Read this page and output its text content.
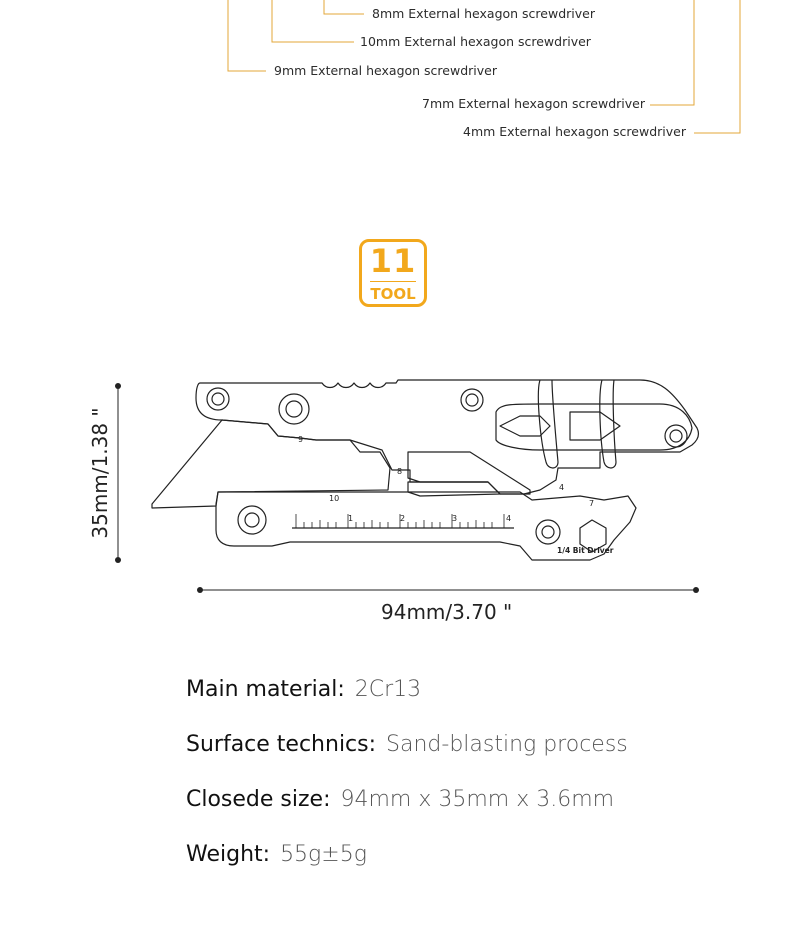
8mm External hexagon screwdriver
10mm External hexagon screwdriver
9mm External hexagon screwdriver
7mm External hexagon screwdriver
4mm External hexagon screwdriver
11
TOOL
9
8
10
4
7
1	2	3	4
1/4 Bit Driver
35mm/1.38 "
94mm/3.70 "
Main material: 2Cr13
Surface technics: Sand-blasting process
Closede size: 94mm x 35mm x 3.6mm
Weight: 55g±5g
